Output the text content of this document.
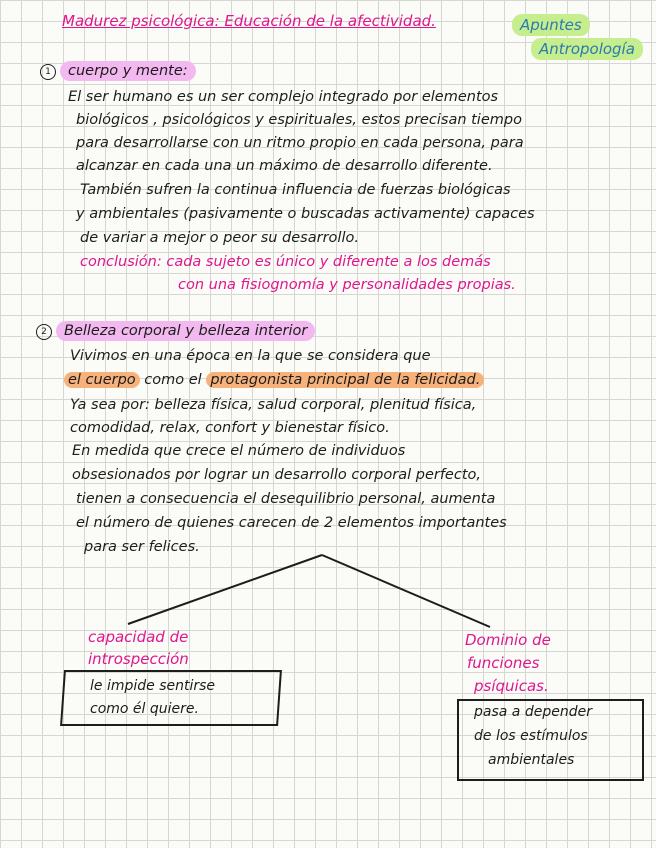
Madurez psicológica: Educación de la afectividad.	Apuntes
Antropología
1	cuerpo y mente:
El ser humano es un ser complejo integrado por elementos
biológicos , psicológicos y espirituales, estos precisan tiempo
para desarrollarse con un ritmo propio en cada persona, para
alcanzar en cada una un máximo de desarrollo diferente.
También sufren la continua influencia de fuerzas biológicas
y ambientales (pasivamente o buscadas activamente) capaces
de variar a mejor o peor su desarrollo.
conclusión: cada sujeto es único y diferente a los demás
con una fisiognomía y personalidades propias.
2	Belleza corporal y belleza interior
Vivimos en una época en la que se considera que
el cuerpo como el protagonista principal de la felicidad.
Ya sea por: belleza física, salud corporal, plenitud física,
comodidad, relax, confort y bienestar físico.
En medida que crece el número de individuos
obsesionados por lograr un desarrollo corporal perfecto,
tienen a consecuencia el desequilibrio personal, aumenta
el número de quienes carecen de 2 elementos importantes
para ser felices.
capacidad de
introspección
le impide sentirse
como él quiere.
Dominio de
funciones
psíquicas.
pasa a depender
de los estímulos
ambientales
